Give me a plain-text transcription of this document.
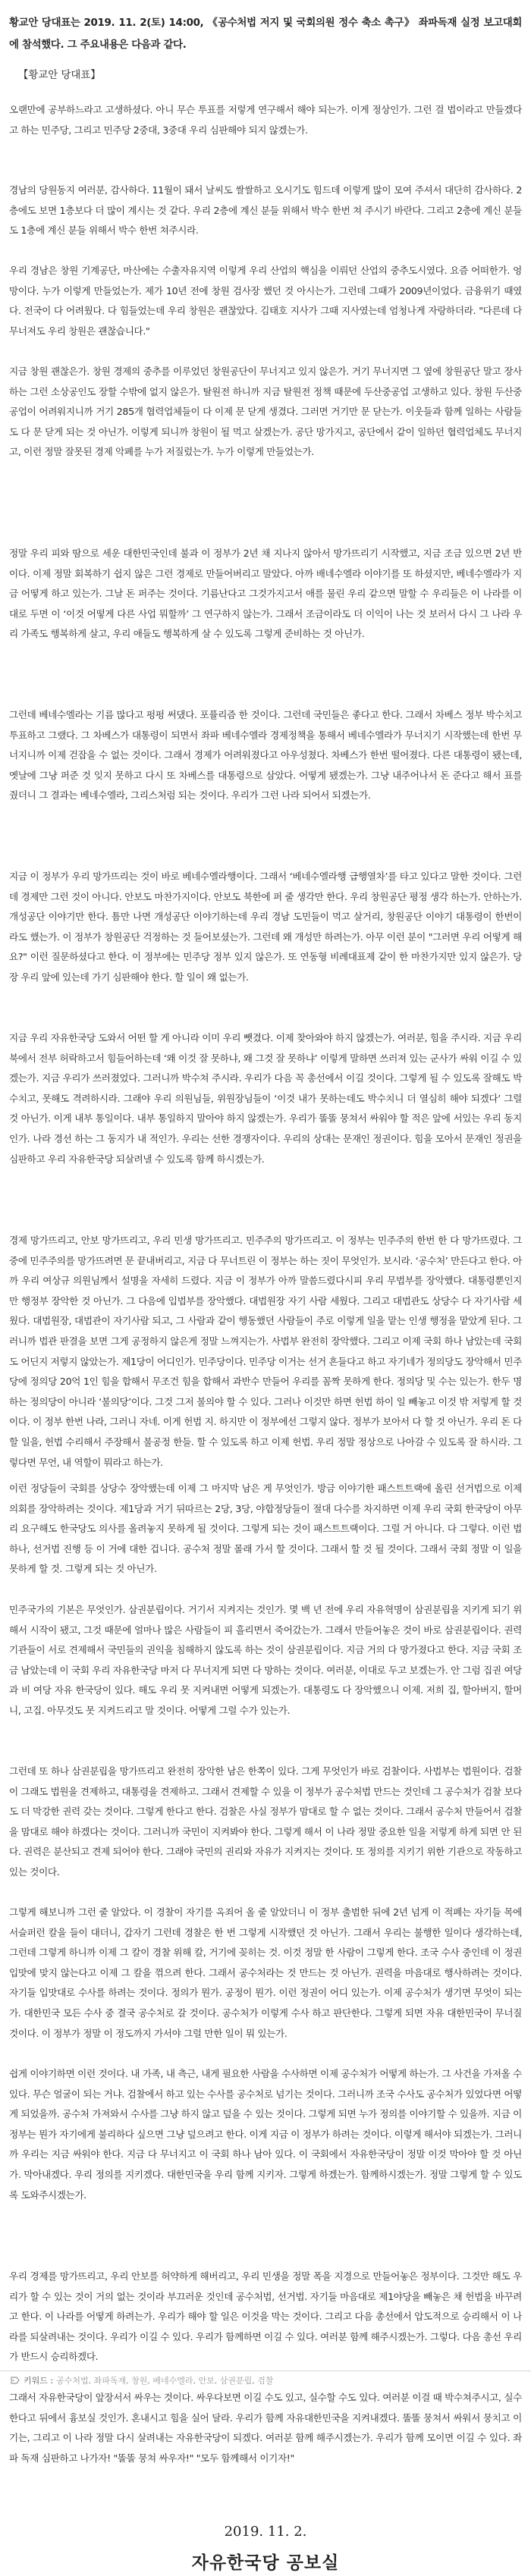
황교안 당대표는 2019. 11. 2(토) 14:00, 《공수처법 저지 및 국회의원 정수 축소 촉구》 좌파독재 실정 보고대회에 참석했다. 그 주요내용은 다음과 같다.

【황교안 당대표】

오랜만에 공부하느라고 고생하셨다. 아니 무슨 투표를 저렇게 연구해서 해야 되는가. 이게 정상인가. 그런 걸 법이라고 만들겠다고 하는 민주당, 그리고 민주당 2중대, 3중대 우리 심판해야 되지 않겠는가.

경남의 당원동지 여러분, 감사하다. 11월이 돼서 날씨도 쌀쌀하고 오시기도 힘드데 이렇게 많이 모여 주셔서 대단히 감사하다. 2층에도 보면 1층보다 더 많이 계시는 것 같다. 우리 2층에 계신 분들 위해서 박수 한번 쳐 주시기 바란다. 그리고 2층에 계신 분들도 1층에 계신 분들 위해서 박수 한번 쳐주시라.

우리 경남은 창원 기계공단, 마산에는 수출자유지역 이렇게 우리 산업의 핵심을 이뤄던 산업의 중추도시였다. 요즘 어떠한가. 엉망이다. 누가 이렇게 만들었는가. 제가 10년 전에 창원 검사장 했던 것 아시는가. 그런데 그때가 2009년이었다. 금융위기 때였다. 전국이 다 어려웠다. 다 힘들었는데 우리 창원은 괜찮았다. 김태호 지사가 그때 지사였는데 엄청나게 자랑하더라. "다른데 다 무너져도 우리 창원은 괜찮습니다."

지금 창원 괜찮은가. 창원 경제의 중추를 이루었던 창원공단이 무너지고 있지 않은가. 거기 무너지면 그 옆에 창원공단 말고 장사하는 그런 소상공인도 장할 수밖에 없지 않은가. 탈원전 하니까 지금 탈원전 정책 때문에 두산중공업 고생하고 있다. 창원 두산중공업이 어려워지니까 거기 285개 협력업체들이 다 이제 문 닫게 생겼다. 그러면 거기만 문 닫는가. 이웃들과 함께 일하는 사람들도 다 문 닫게 되는 것 아닌가. 이렇게 되니까 창원이 될 먹고 살겠는가. 공단 망가지고, 공단에서 같이 일하던 협력업체도 무너지고, 이런 정말 잘못된 경제 악폐를 누가 저질렀는가. 누가 이렇게 만들었는가.

정말 우리 피와 땀으로 세운 대한민국인데 불과 이 정부가 2년 채 지나지 않아서 망가뜨리기 시작했고, 지금 조금 있으면 2년 반이다. 이제 정말 회복하기 쉽지 않은 그런 경제로 만들어버리고 말았다. 아까 배네수엘라 이야기를 또 하셨지만, 베네수엘라가 지금 어떻게 하고 있는가. 그날 돈 퍼주는 것이다. 기름난다고 그것가지고서 애를 물린 우리 같으면 말할 수 우리들은 이 나라를 이대로 두면 이 ‘이것 어떻게 다른 사업 뭐할까’ 그 연구하지 않는가. 그래서 조금이라도 더 이익이 나는 것 보러서 다시 그 나라 우리 가족도 행복하게 살고, 우리 애들도 행복하게 살 수 있도록 그렇게 준비하는 것 아닌가.

그런데 베네수엘라는 기름 많다고 펑펑 써댔다. 포퓰리즘 한 것이다. 그런데 국민들은 좋다고 한다. 그래서 차베스 정부 박수치고 투표하고 그랬다. 그 차베스가 대통령이 되면서 좌파 베네수엘라 경제정책을 통해서 베네수엘라가 무너지기 시작했는데 한번 무너지니까 이제 걷잡을 수 없는 것이다. 그래서 경제가 어려워졌다고 아우성쳤다. 차베스가 한번 떨어졌다. 다른 대통령이 됐는데, 옛날에 그냥 퍼준 것 잊지 못하고 다시 또 차베스를 대통령으로 삼았다. 어떻게 됐겠는가. 그냥 내주어나서 돈 준다고 해서 표를 줬더니 그 결과는 베네수엘라, 그리스처럼 되는 것이다. 우리가 그런 나라 되어서 되겠는가.

지금 이 정부가 우리 망가뜨리는 것이 바로 베네수엘라행이다. 그래서 ‘베네수엘라행 급행열차’를 타고 있다고 말한 것이다. 그런데 경제만 그런 것이 아니다. 안보도 마찬가지이다. 안보도 북한에 퍼 줄 생각만 한다. 우리 창원공단 평정 생각 하는가. 안하는가. 개성공단 이야기만 한다. 틈만 나면 개성공단 이야기하는데 우리 경남 도민들이 먹고 살거리, 창원공단 이야기 대통령이 한번이라도 했는가. 이 정부가 창원공단 걱정하는 것 들어보셨는가. 그런데 왜 개성만 하려는가. 아무 이런 분이 "그러면 우리 어떻게 해요?" 이런 질문하셨다고 한다. 이 정부에는 민주당 정부 있지 않은가. 또 연동형 비례대표제 같이 한 마찬가지만 있지 않은가. 당장 우리 앞에 있는데 가기 심판해야 한다. 할 일이 왜 없는가.

지금 우리 자유한국당 도와서 어떤 할 게 아니라 이미 우리 뺏겼다. 이제 찾아와야 하지 않겠는가. 여러분, 힘을 주시라. 지금 우리 북에서 전부 허락하고서 힘들어하는데 ‘왜 이것 잘 못하냐, 왜 그것 잘 못하냐’ 이렇게 말하면 쓰러져 있는 군사가 싸워 이길 수 있겠는가. 지금 우리가 쓰러졌었다. 그러니까 박수쳐 주시라. 우리가 다음 꼭 총선에서 이길 것이다. 그렇게 될 수 있도록 잘해도 박수치고, 못해도 격려하시라. 그래야 우리 의원님들, 위원장님들이 ‘이것 내가 못하는데도 박수치니 더 열심히 해야 되겠다’ 그럴 것 아닌가. 이게 내부 통일이다. 내부 통일하지 말아야 하지 않겠는가. 우리가 똘똘 뭉쳐서 싸워야 할 적은 앞에 서있는 우리 동지인가. 나라 경선 하는 그 동지가 내 적인가. 우리는 선한 경쟁자이다. 우리의 상대는 문재인 정권이다. 힘을 모아서 문재인 정권을 심판하고 우리 자유한국당 되살려낼 수 있도록 함께 하시겠는가.

경제 망가뜨리고, 안보 망가뜨리고, 우리 민생 망가뜨리고. 민주주의 망가뜨리고. 이 정부는 민주주의 한번 한 다 망가뜨렸다. 그 중에 민주주의를 망가뜨려면 문 끝내버리고, 지금 다 무너트린 이 정부는 하는 짓이 무엇인가. 보시라. ‘공수처’ 만든다고 한다. 아까 우리 여상규 의원님께서 설명을 자세히 드렸다. 지금 이 정부가 아까 말씀드렸다시피 우리 무법부를 장악했다. 대통령뿐인지만 행정부 장악한 것 아닌가. 그 다음에 입법부를 장악했다. 대법원장 자기 사람 세웠다. 그리고 대법관도 상당수 다 자기사람 세웠다. 대법원장, 대법관이 자기사람 되고, 그 사람과 같이 행동했던 사람들이 주로 이렇게 일을 맡는 인생 행정을 맡았게 된다. 그러니까 법관 판결을 보면 그게 공정하지 않은게 정말 느껴지는가. 사법부 완전히 장악했다. 그리고 이제 국회 하나 남았는데 국회도 어딘지 저렇지 않았는가. 제1당이 어디인가. 민주당이다. 민주당 이거는 선거 흔들다고 하고 자기네가 정의당도 장악해서 민주당에 정의당 20억 1인 힘을 합해서 무조건 힘을 합해서 과반수 만들어 우리를 꼼짝 못하게 한다. 정의당 및 수는 있는가. 한두 명 하는 정의당이 아니라 ‘불의당’이다. 그것 그저 불의야 할 수 있다. 그러나 이것만 하면 헌법 하이 일 빼놓고 이것 밖 저렇게 할 것이다. 이 정부 한번 나라, 그러니 자네. 이게 헌법 지. 하지만 이 정부에선 그렇지 않다. 정부가 보아서 다 할 것 아닌가. 우리 돈 다 할 일을, 헌법 수리해서 주장해서 불공정 한들. 할 수 있도록 하고 이제 헌법. 우리 정말 정상으로 나아갈 수 있도록 잘 하시라. 그렇다면 무언, 내 역할이 뭐라고 하는가.

이런 정당들이 국회를 상당수 장악했는데 이제 그 마지막 남은 게 무엇인가. 방금 이야기한 패스트트랙에 올린 선거법으로 이제 의회를 장악하려는 것이다. 제1당과 거기 뒤따르는 2당, 3당, 야합정당들이 절대 다수를 차지하면 이제 우리 국회 한국당이 아무리 요구해도 한국당도 의사를 올려놓지 못하게 될 것이다. 그렇게 되는 것이 패스트트랙이다. 그럴 거 아니다. 다 그렇다. 이런 법 하나, 선거법 진행 등 이 거에 대한 겁니다. 공수처 정말 몰래 가서 할 것이다. 그래서 할 것 될 것이다. 그래서 국회 정말 이 일을 못하게 할 것. 그렇게 되는 것 아닌가.

민주국가의 기본은 무엇인가. 삼권분립이다. 거기서 지켜지는 것인가. 몇 백 년 전에 우리 자유혁명이 삼권분립을 지키게 되기 위해서 시작이 됐고, 그것 때문에 얼마나 많은 사람들이 피 흘리면서 죽어갔는가. 그래서 만들어놓은 것이 바로 삼권분립이다. 권력기관들이 서로 견제해서 국민들의 권익을 침해하지 않도록 하는 것이 삼권분립이다. 지금 거의 다 망가졌다고 한다. 지금 국회 조금 남았는데 이 국회 우리 자유한국당 마저 다 무너지게 되면 다 망하는 것이다. 여러분, 이대로 두고 보겠는가. 안 그럼 집권 여당과 비 여당 자유 한국당이 있다. 해도 우리 못 지켜내면 어떻게 되겠는가. 대통령도 다 장악했으니 이제. 저희 집, 할아버지, 할머니, 고집. 아무것도 못 지켜드리고 말 것이다. 어떻게 그럴 수가 있는가.

그런데 또 하나 삼권분립을 망가뜨리고 완전히 장악한 남은 한쪽이 있다. 그게 무엇인가 바로 검찰이다. 사법부는 법원이다. 검찰이 그래도 법원을 견제하고, 대통령을 견제하고. 그래서 견제할 수 있을 이 정부가 공수처법 만드는 것인데 그 공수처가 검찰 보다도 더 막강한 권력 갖는 것이다. 그렇게 한다고 한다. 검찰은 사실 정부가 맘대로 할 수 없는 것이다. 그래서 공수처 만들어서 검찰을 맘대로 해야 하겠다는 것이다. 그러니까 국민이 지켜봐야 한다. 그렇게 해서 이 나라 정말 중요한 일을 저렇게 하게 되면 안 된다. 권력은 분산되고 견제 되어야 한다. 그래야 국민의 권리와 자유가 지켜지는 것이다. 또 정의를 지키기 위한 기관으로 작동하고 있는 것이다.

그렇게 해보니까 그런 줄 알았다. 이 경찰이 자기를 옥죄어 올 줄 알았더니 이 정부 출범한 뒤에 2년 넘게 이 적폐는 자기들 목에 서슬퍼런 칼을 들이 대더니, 갑자기 그런데 경찰은 한 번 그렇게 시작했던 것 아닌가. 그래서 우리는 불행한 일이다 생각하는데, 그런데 그렇게 하니까 이제 그 칼이 경찰 위해 칼, 거기에 꽂히는 것. 이것 정말 한 사람이 그렇게 한다. 조국 수사 중인데 이 정권 입맛에 맞지 않는다고 이제 그 칼을 꺾으려 한다. 그래서 공수처라는 것 만드는 것 아닌가. 권력을 마음대로 행사하려는 것이다. 자기들 입맛대로 수사를 하려는 것이다. 정의가 뭔가. 공정이 뭔가. 이런 정권이 어디 있는가. 이제 공수처가 생기면 무엇이 되는가. 대한민국 모든 수사 중 결국 공수처로 갈 것이다. 공수처가 이렇게 수사 하고 판단한다. 그렇게 되면 자유 대한민국이 무너질 것이다. 이 정부가 정말 이 정도까지 가서야 그럴 만한 일이 뭐 있는가.

쉽게 이야기하면 이런 것이다. 내 가족, 내 측근, 내게 필요한 사람을 수사하면 이제 공수처가 어떻게 하는가. 그 사건을 가져올 수 있다. 무슨 얼굴이 되는 거냐. 검찰에서 하고 있는 수사를 공수처로 넘기는 것이다. 그러니까 조국 수사도 공수처가 있었다면 어떻게 되었을까. 공수처 가져와서 수사를 그냥 하지 않고 덮을 수 있는 것이다. 그렇게 되면 누가 정의를 이야기할 수 있을까. 지금 이 정부는 뭔가 자기에게 불리하다 싶으면 그냥 덮으려고 한다. 이게 지금 이 정부가 하려는 것이다. 이렇게 해서야 되겠는가. 그러니까 우리는 지금 싸워야 한다. 지금 다 무너지고 이 국회 하나 남아 있다. 이 국회에서 자유한국당이 정말 이것 막아야 할 것 아닌가. 막아내겠다. 우리 정의를 지키겠다. 대한민국을 우리 함께 지키자. 그렇게 하겠는가. 함께하시겠는가. 정말 그렇게 할 수 있도록 도와주시겠는가.

우리 경제를 망가뜨리고, 우리 안보를 허약하게 해버리고, 우리 민생을 정말 폭을 지경으로 만들어놓은 정부이다. 그것만 해도 우리가 할 수 있는 것이 거의 없는 것이라 부끄러운 것인데 공수처법, 선거법. 자기들 마음대로 제1야당을 빼놓은 채 헌법을 바꾸려고 한다. 이 나라를 어떻게 하려는가. 우리가 해야 할 일은 이것을 막는 것이다. 그리고 다음 총선에서 압도적으로 승리해서 이 나라를 되살려내는 것이다. 우리가 이길 수 있다. 우리가 함께하면 이길 수 있다. 여러분 함께 해주시겠는가. 그렇다. 다음 총선 우리가 반드시 승리하겠다.

그래서 자유한국당이 앞장서서 싸우는 것이다. 싸우다보면 이길 수도 있고, 실수할 수도 있다. 여러분 이걸 때 박수쳐주시고, 실수한다고 뒤에서 흉보실 것인가. 혼내시고 힘을 실어 달라. 우리가 함께 자유대한민국을 지켜내겠다. 똘똘 뭉쳐서 싸워서 뭉치고 이기는, 그리고 이 나라 정말 다시 살려내는 자유한국당이 되겠다. 여러분 함께 해주시겠는가. 우리가 함께 모이면 이길 수 있다. 좌파 독재 심판하고 나가자! "똘똘 뭉쳐 싸우자!" "모두 함께해서 이기자!"

2019. 11. 2.
자유한국당 공보실
키워드 : 공수처법, 좌파독재, 창원, 베네수엘라, 안보, 삼권분립, 검찰
